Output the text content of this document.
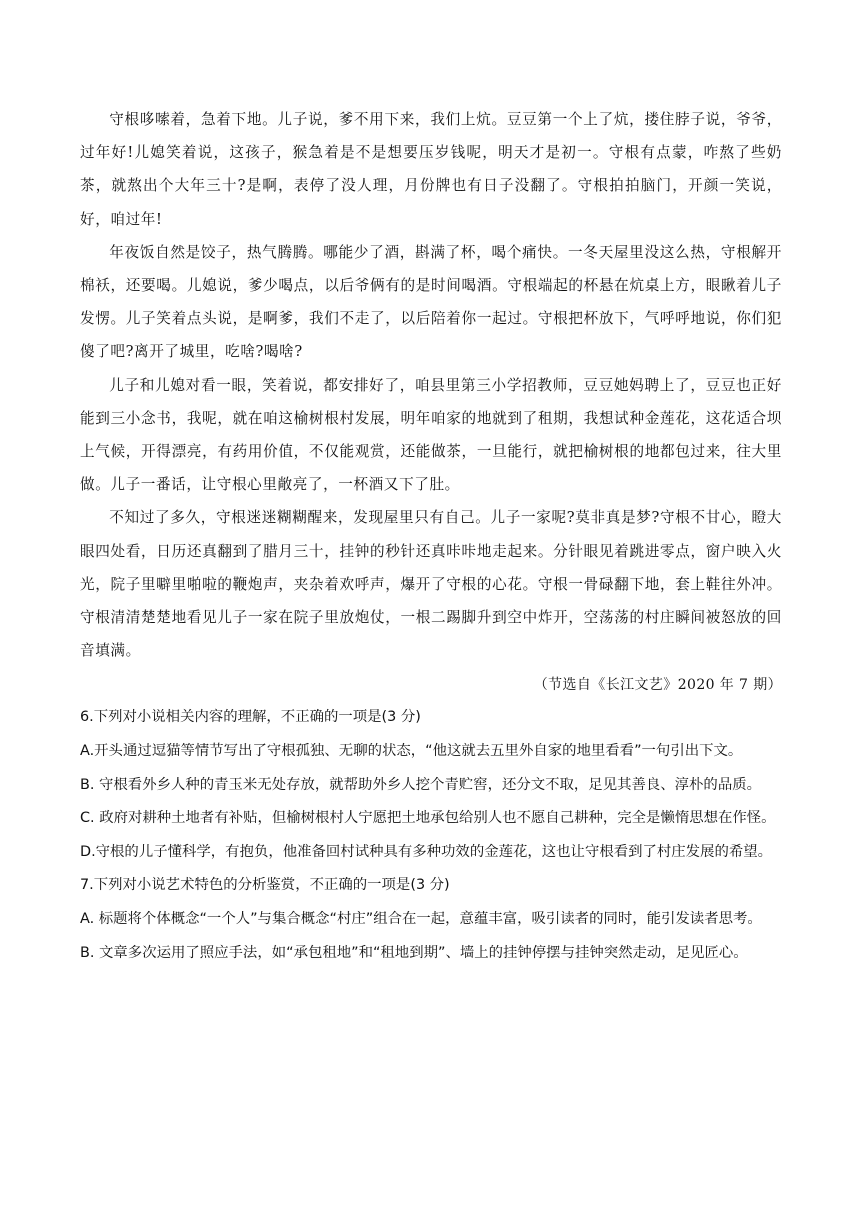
守根哆嗦着，急着下地。儿子说，爹不用下来，我们上炕。豆豆第一个上了炕，搂住脖子说，爷爷，过年好!儿媳笑着说，这孩子，猴急着是不是想要压岁钱呢，明天才是初一。守根有点蒙，咋熬了些奶茶，就熬出个大年三十?是啊，表停了没人理，月份牌也有日子没翻了。守根拍拍脑门，开颜一笑说，好，咱过年!

年夜饭自然是饺子，热气腾腾。哪能少了酒，斟满了杯，喝个痛快。一冬天屋里没这么热，守根解开棉袄，还要喝。儿媳说，爹少喝点，以后爷俩有的是时间喝酒。守根端起的杯悬在炕桌上方，眼瞅着儿子发愣。儿子笑着点头说，是啊爹，我们不走了，以后陪着你一起过。守根把杯放下，气呼呼地说，你们犯傻了吧?离开了城里，吃啥?喝啥?

儿子和儿媳对看一眼，笑着说，都安排好了，咱县里第三小学招教师，豆豆她妈聘上了，豆豆也正好能到三小念书，我呢，就在咱这榆树根村发展，明年咱家的地就到了租期，我想试种金莲花，这花适合坝上气候，开得漂亮，有药用价值，不仅能观赏，还能做茶，一旦能行，就把榆树根的地都包过来，往大里做。儿子一番话，让守根心里敞亮了，一杯酒又下了肚。

不知过了多久，守根迷迷糊糊醒来，发现屋里只有自己。儿子一家呢?莫非真是梦?守根不甘心，瞪大眼四处看，日历还真翻到了腊月三十，挂钟的秒针还真咔咔地走起来。分针眼见着跳进零点，窗户映入火光，院子里噼里啪啦的鞭炮声，夹杂着欢呼声，爆开了守根的心花。守根一骨碌翻下地，套上鞋往外冲。守根清清楚楚地看见儿子一家在院子里放炮仗，一根二踢脚升到空中炸开，空荡荡的村庄瞬间被怒放的回音填满。

（节选自《长江文艺》2020 年 7 期）

6.下列对小说相关内容的理解，不正确的一项是(3 分)

A.开头通过逗猫等情节写出了守根孤独、无聊的状态，“他这就去五里外自家的地里看看”一句引出下文。

B. 守根看外乡人种的青玉米无处存放，就帮助外乡人挖个青贮窖，还分文不取，足见其善良、淳朴的品质。

C. 政府对耕种土地者有补贴，但榆树根村人宁愿把土地承包给别人也不愿自己耕种，完全是懒惰思想在作怪。

D.守根的儿子懂科学，有抱负，他准备回村试种具有多种功效的金莲花，这也让守根看到了村庄发展的希望。

7.下列对小说艺术特色的分析鉴赏，不正确的一项是(3 分)

A. 标题将个体概念“一个人”与集合概念“村庄”组合在一起，意蕴丰富，吸引读者的同时，能引发读者思考。

B. 文章多次运用了照应手法，如“承包租地”和“租地到期”、墙上的挂钟停摆与挂钟突然走动，足见匠心。
